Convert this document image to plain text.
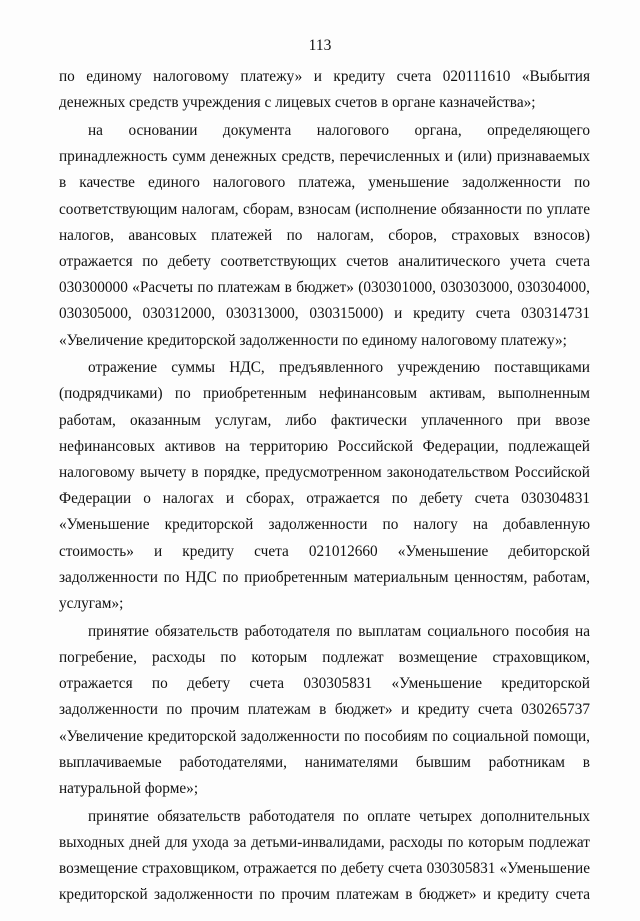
113

по единому налоговому платежу» и кредиту счета 020111610 «Выбытия денежных средств учреждения с лицевых счетов в органе казначейства»;

на основании документа налогового органа, определяющего принадлежность сумм денежных средств, перечисленных и (или) признаваемых в качестве единого налогового платежа, уменьшение задолженности по соответствующим налогам, сборам, взносам (исполнение обязанности по уплате налогов, авансовых платежей по налогам, сборов, страховых взносов) отражается по дебету соответствующих счетов аналитического учета счета 030300000 «Расчеты по платежам в бюджет» (030301000, 030303000, 030304000, 030305000, 030312000, 030313000, 030315000) и кредиту счета 030314731 «Увеличение кредиторской задолженности по единому налоговому платежу»;

отражение суммы НДС, предъявленного учреждению поставщиками (подрядчиками) по приобретенным нефинансовым активам, выполненным работам, оказанным услугам, либо фактически уплаченного при ввозе нефинансовых активов на территорию Российской Федерации, подлежащей налоговому вычету в порядке, предусмотренном законодательством Российской Федерации о налогах и сборах, отражается по дебету счета 030304831 «Уменьшение кредиторской задолженности по налогу на добавленную стоимость» и кредиту счета 021012660 «Уменьшение дебиторской задолженности по НДС по приобретенным материальным ценностям, работам, услугам»;

принятие обязательств работодателя по выплатам социального пособия на погребение, расходы по которым подлежат возмещение страховщиком, отражается по дебету счета 030305831 «Уменьшение кредиторской задолженности по прочим платежам в бюджет» и кредиту счета 030265737 «Увеличение кредиторской задолженности по пособиям по социальной помощи, выплачиваемые работодателями, нанимателями бывшим работникам в натуральной форме»;

принятие обязательств работодателя по оплате четырех дополнительных выходных дней для ухода за детьми-инвалидами, расходы по которым подлежат возмещение страховщиком, отражается по дебету счета 030305831 «Уменьшение кредиторской задолженности по прочим платежам в бюджет» и кредиту счета
